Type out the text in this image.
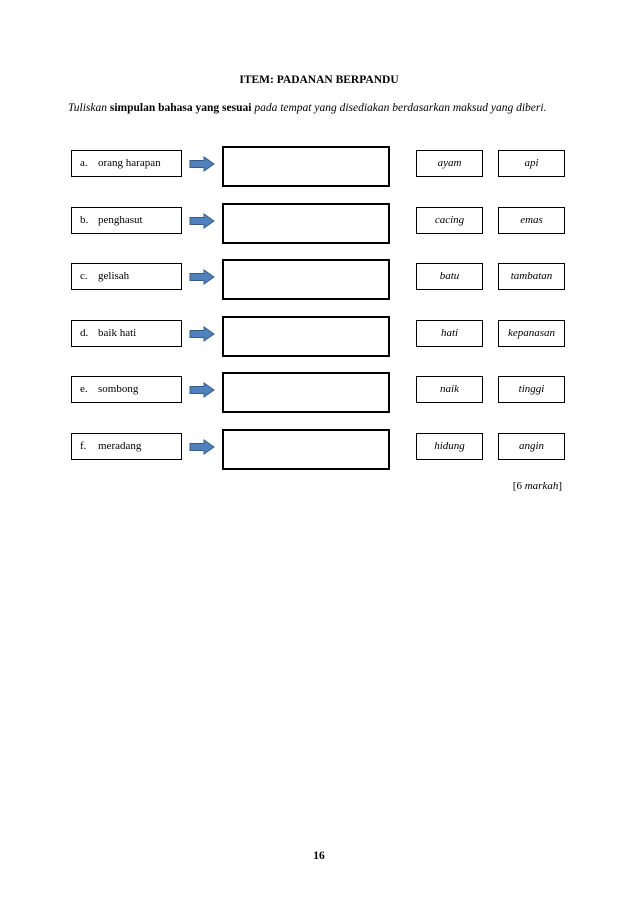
ITEM: PADANAN BERPANDU
Tuliskan simpulan bahasa yang sesuai pada tempat yang disediakan berdasarkan maksud yang diberi.
a. orang harapan	ayam	api
b. penghasut	cacing	emas
c. gelisah	batu	tambatan
d. baik hati	hati	kepanasan
e. sombong	naik	tinggi
f. meradang	hidung	angin
[6 markah]
16
